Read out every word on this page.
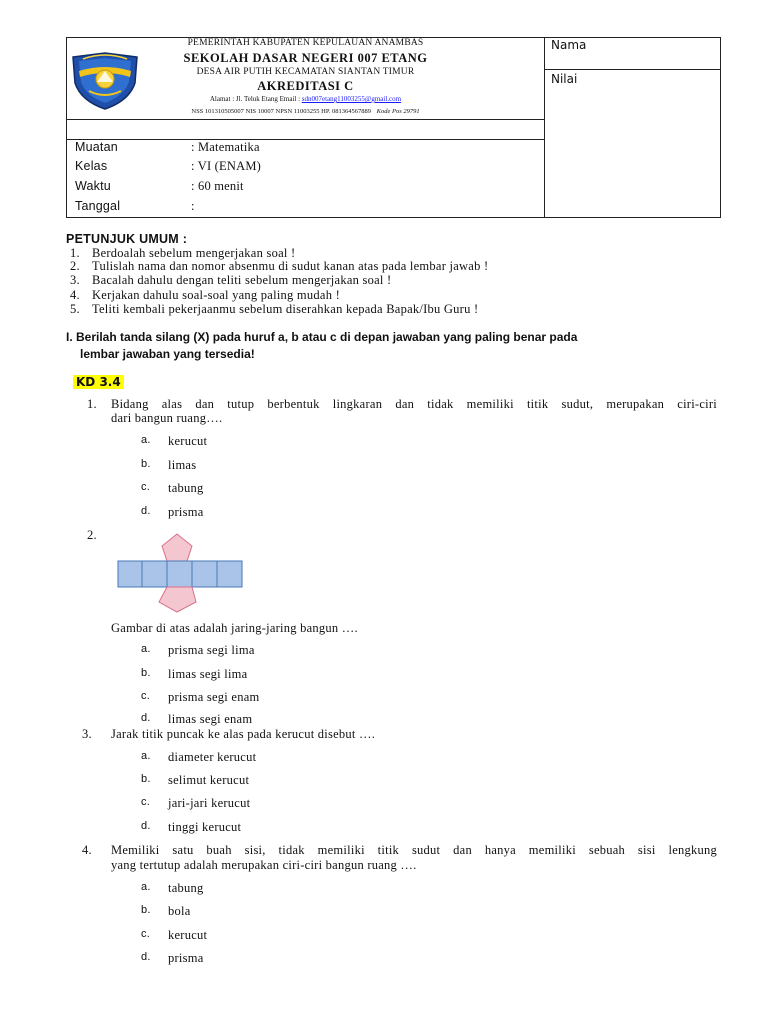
PEMERINTAH KABUPATEN KEPULAUAN ANAMBAS
SEKOLAH DASAR NEGERI 007 ETANG
DESA AIR PUTIH KECAMATAN SIANTAN TIMUR
AKREDITASI C
Alamat : Jl. Teluk Etang Email : sdn007etang11003255@gmail.com
NSS 101310505007 NIS 10007 NPSN 11003255 HP. 081364567889 Kode Pos 29791
Nama
Nilai
Muatan	: Matematika
Kelas	: VI (ENAM)
Waktu	: 60 menit
Tanggal	:
PETUNJUK UMUM :
1. Berdoalah sebelum mengerjakan soal !
2. Tulislah nama dan nomor absenmu di sudut kanan atas pada lembar jawab !
3. Bacalah dahulu dengan teliti sebelum mengerjakan soal !
4. Kerjakan dahulu soal-soal yang paling mudah !
5. Teliti kembali pekerjaanmu sebelum diserahkan kepada Bapak/Ibu Guru !
I. Berilah tanda silang (X) pada huruf a, b atau c di depan jawaban yang paling benar pada
lembar jawaban yang tersedia!
KD 3.4
1. Bidang alas dan tutup berbentuk lingkaran dan tidak memiliki titik sudut, merupakan ciri-ciri
dari bangun ruang….
a.	kerucut
b.	limas
c.	tabung
d.	prisma
2.
Gambar di atas adalah jaring-jaring bangun ….
a.	prisma segi lima
b.	limas segi lima
c.	prisma segi enam
d.	limas segi enam
3. Jarak titik puncak ke alas pada kerucut disebut ….
a.	diameter kerucut
b.	selimut kerucut
c.	jari-jari kerucut
d.	tinggi kerucut
4. Memiliki satu buah sisi, tidak memiliki titik sudut dan hanya memiliki sebuah sisi lengkung
yang tertutup adalah merupakan ciri-ciri bangun ruang ….
a.	tabung
b.	bola
c.	kerucut
d.	prisma
